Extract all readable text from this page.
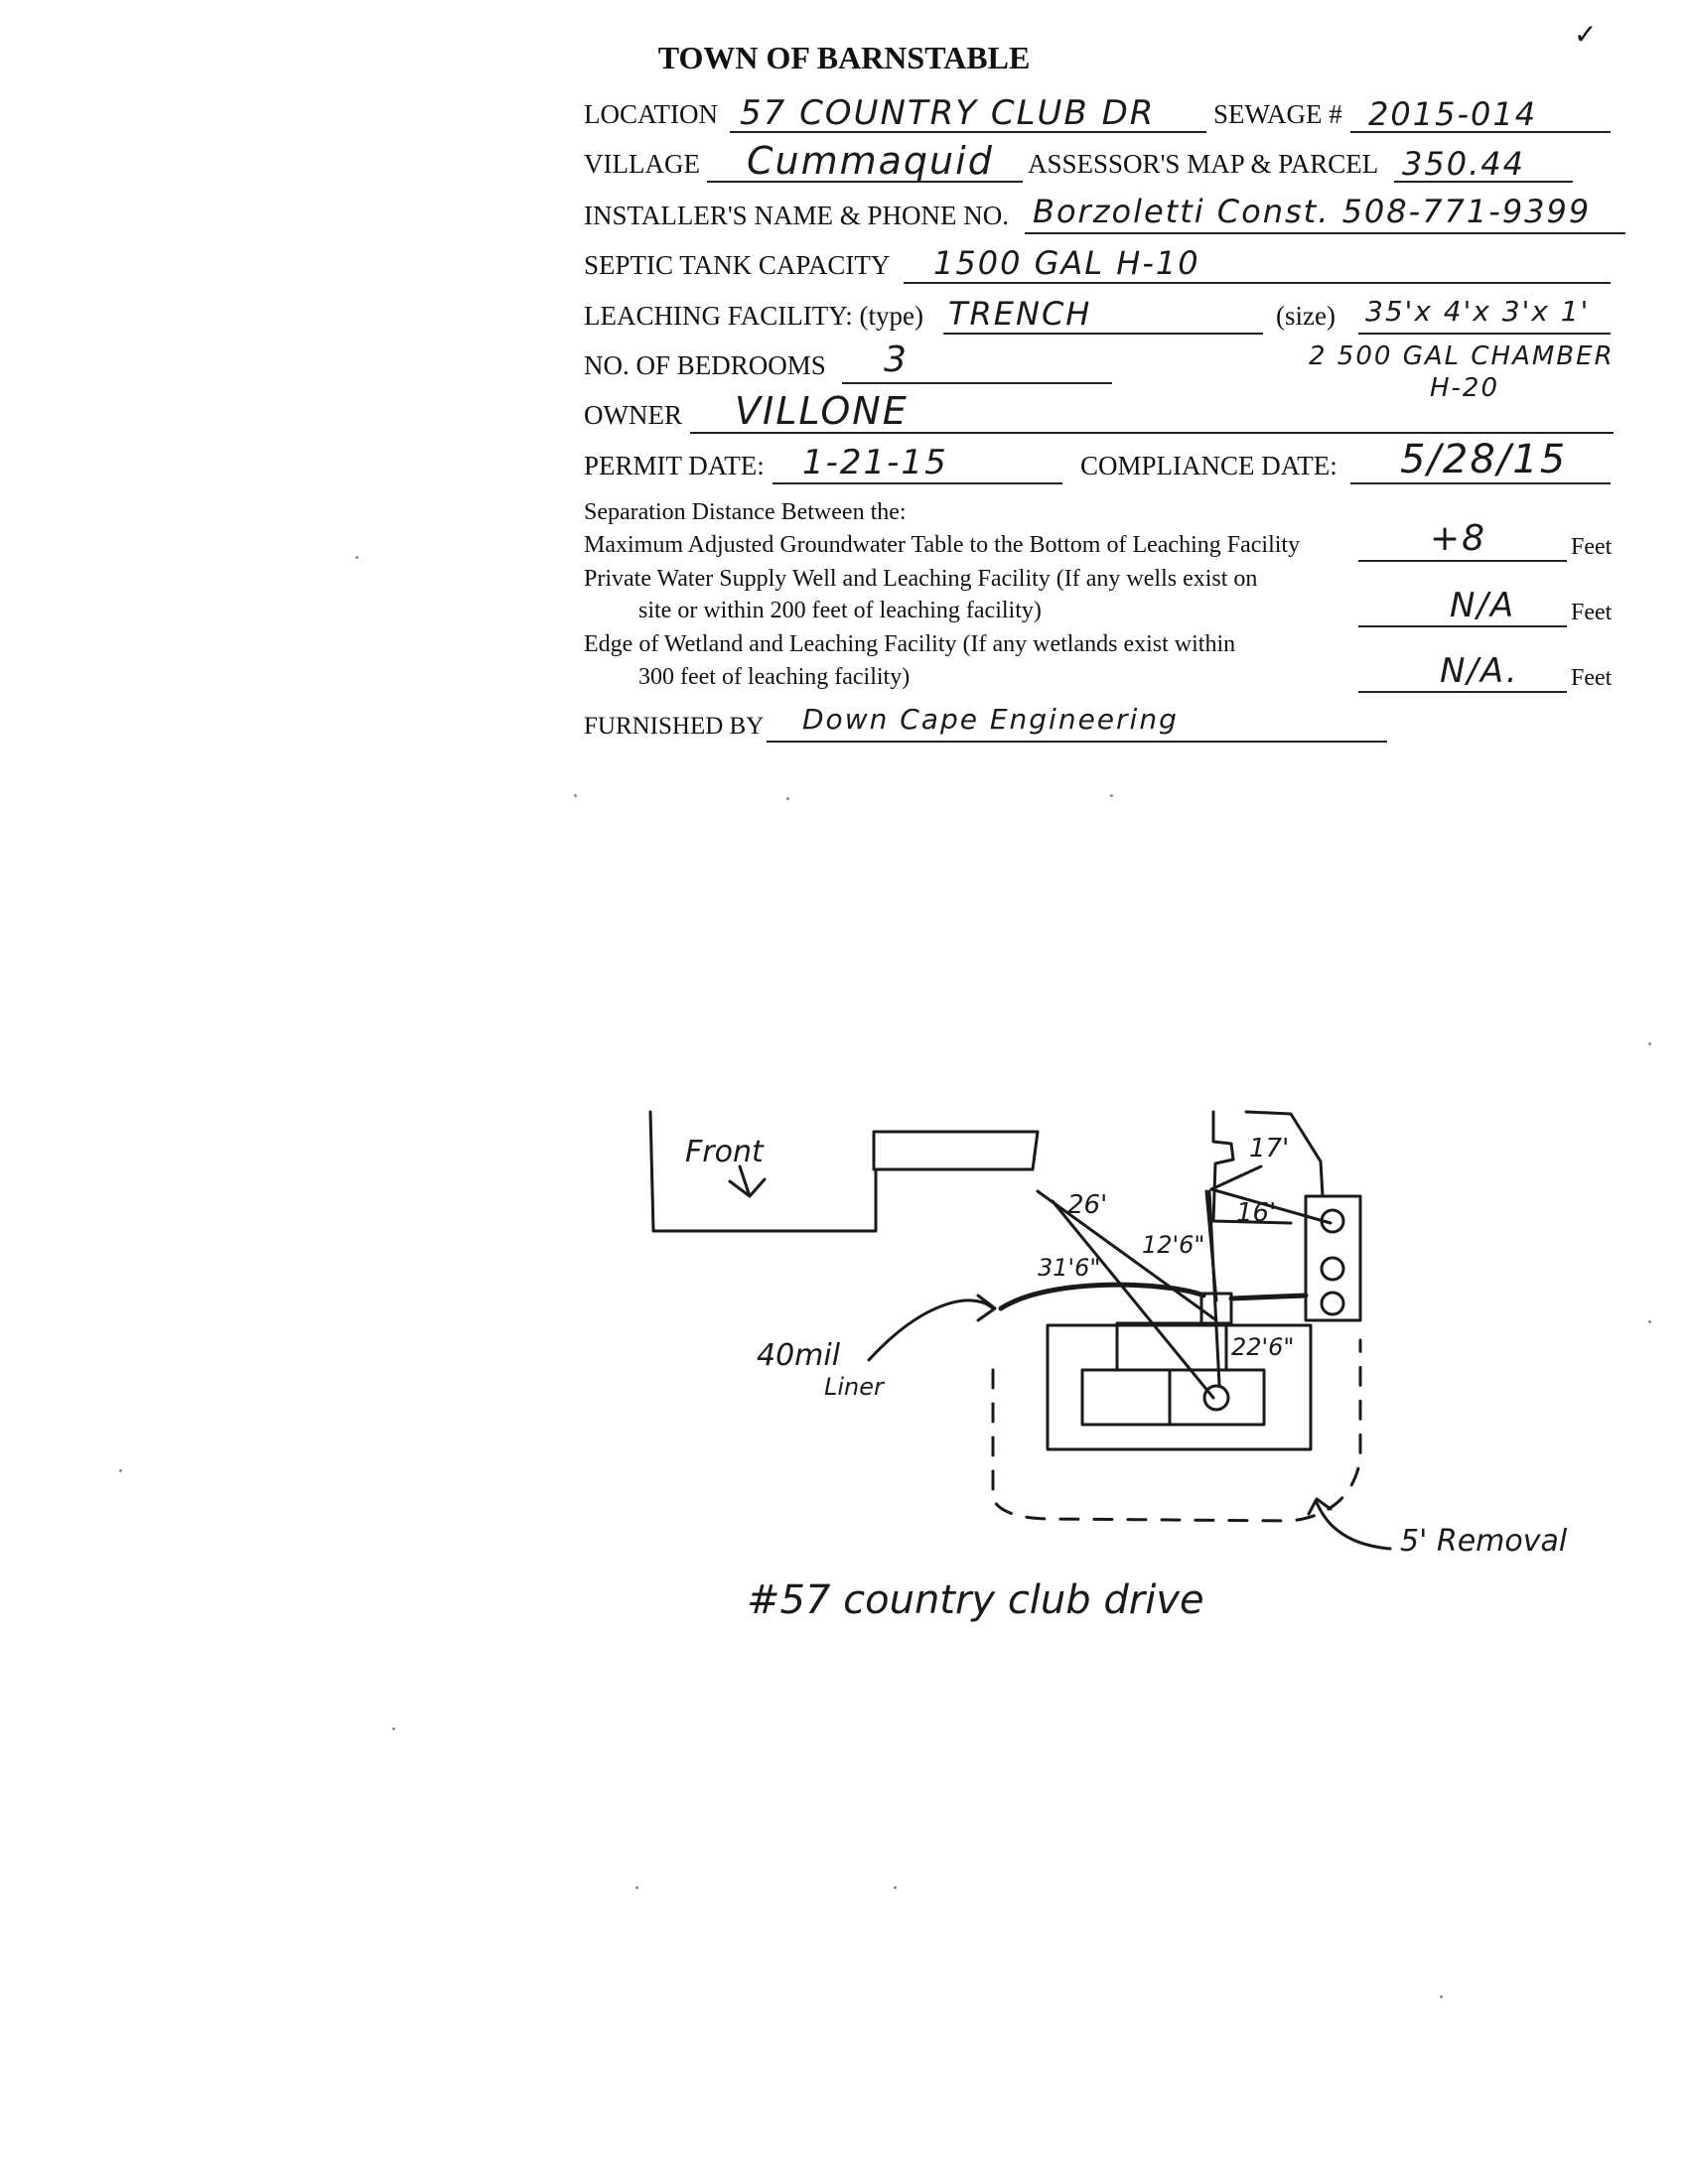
✓
TOWN OF BARNSTABLE
LOCATION 57 COUNTRY CLUB DR SEWAGE # 2015-014
VILLAGE Cummaquid ASSESSOR'S MAP & PARCEL 350.44
INSTALLER'S NAME & PHONE NO. Borzoletti Const. 508-771-9399
SEPTIC TANK CAPACITY 1500 GAL H-10
LEACHING FACILITY: (type) TRENCH	(size) 35'x 4'x 3'x 1'
NO. OF BEDROOMS 3	2 500 GAL CHAMBER
H-20
OWNER VILLONE
PERMIT DATE: 1-21-15	COMPLIANCE DATE: 5/28/15
Separation Distance Between the:
Maximum Adjusted Groundwater Table to the Bottom of Leaching Facility	+8	Feet
Private Water Supply Well and Leaching Facility (If any wells exist on
site or within 200 feet of leaching facility)	N/A Feet
Edge of Wetland and Leaching Facility (If any wetlands exist within
300 feet of leaching facility)	N/A. Feet
FURNISHED BY Down Cape Engineering
Front
26'
17'
16'
12'6"
31'6"
22'6"
40mil
Liner
5' Removal
#57 country club drive
